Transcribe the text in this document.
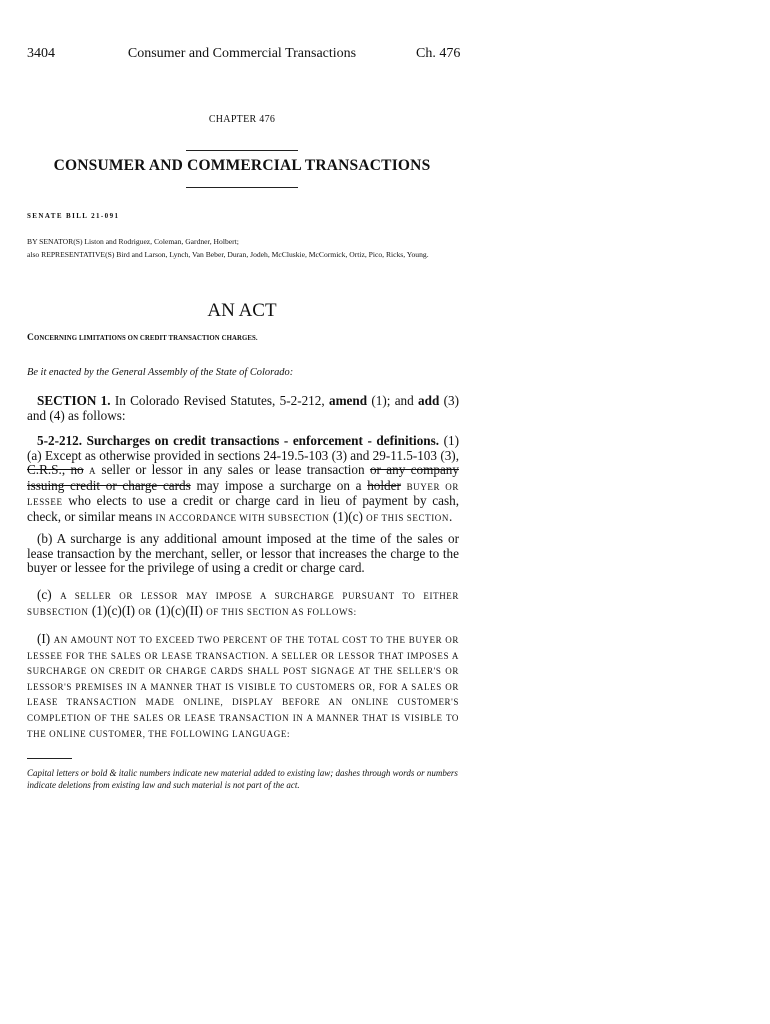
3404	Consumer and Commercial Transactions	Ch. 476
CHAPTER 476
CONSUMER AND COMMERCIAL TRANSACTIONS
SENATE BILL 21-091
BY SENATOR(S) Liston and Rodriguez, Coleman, Gardner, Holbert;
also REPRESENTATIVE(S) Bird and Larson, Lynch, Van Beber, Duran, Jodeh, McCluskie, McCormick, Ortiz, Pico, Ricks, Young.
AN ACT
CONCERNING LIMITATIONS ON CREDIT TRANSACTION CHARGES.
Be it enacted by the General Assembly of the State of Colorado:
SECTION 1. In Colorado Revised Statutes, 5-2-212, amend (1); and add (3) and (4) as follows:
5-2-212. Surcharges on credit transactions - enforcement - definitions. (1) (a) Except as otherwise provided in sections 24-19.5-103 (3) and 29-11.5-103 (3), C.R.S., no A seller or lessor in any sales or lease transaction or any company issuing credit or charge cards may impose a surcharge on a holder BUYER OR LESSEE who elects to use a credit or charge card in lieu of payment by cash, check, or similar means IN ACCORDANCE WITH SUBSECTION (1)(c) OF THIS SECTION.
(b) A surcharge is any additional amount imposed at the time of the sales or lease transaction by the merchant, seller, or lessor that increases the charge to the buyer or lessee for the privilege of using a credit or charge card.
(c) A SELLER OR LESSOR MAY IMPOSE A SURCHARGE PURSUANT TO EITHER SUBSECTION (1)(c)(I) OR (1)(c)(II) OF THIS SECTION AS FOLLOWS:
(I) AN AMOUNT NOT TO EXCEED TWO PERCENT OF THE TOTAL COST TO THE BUYER OR LESSEE FOR THE SALES OR LEASE TRANSACTION. A SELLER OR LESSOR THAT IMPOSES A SURCHARGE ON CREDIT OR CHARGE CARDS SHALL POST SIGNAGE AT THE SELLER'S OR LESSOR'S PREMISES IN A MANNER THAT IS VISIBLE TO CUSTOMERS OR, FOR A SALES OR LEASE TRANSACTION MADE ONLINE, DISPLAY BEFORE AN ONLINE CUSTOMER'S COMPLETION OF THE SALES OR LEASE TRANSACTION IN A MANNER THAT IS VISIBLE TO THE ONLINE CUSTOMER, THE FOLLOWING LANGUAGE:
Capital letters or bold & italic numbers indicate new material added to existing law; dashes through words or numbers indicate deletions from existing law and such material is not part of the act.
